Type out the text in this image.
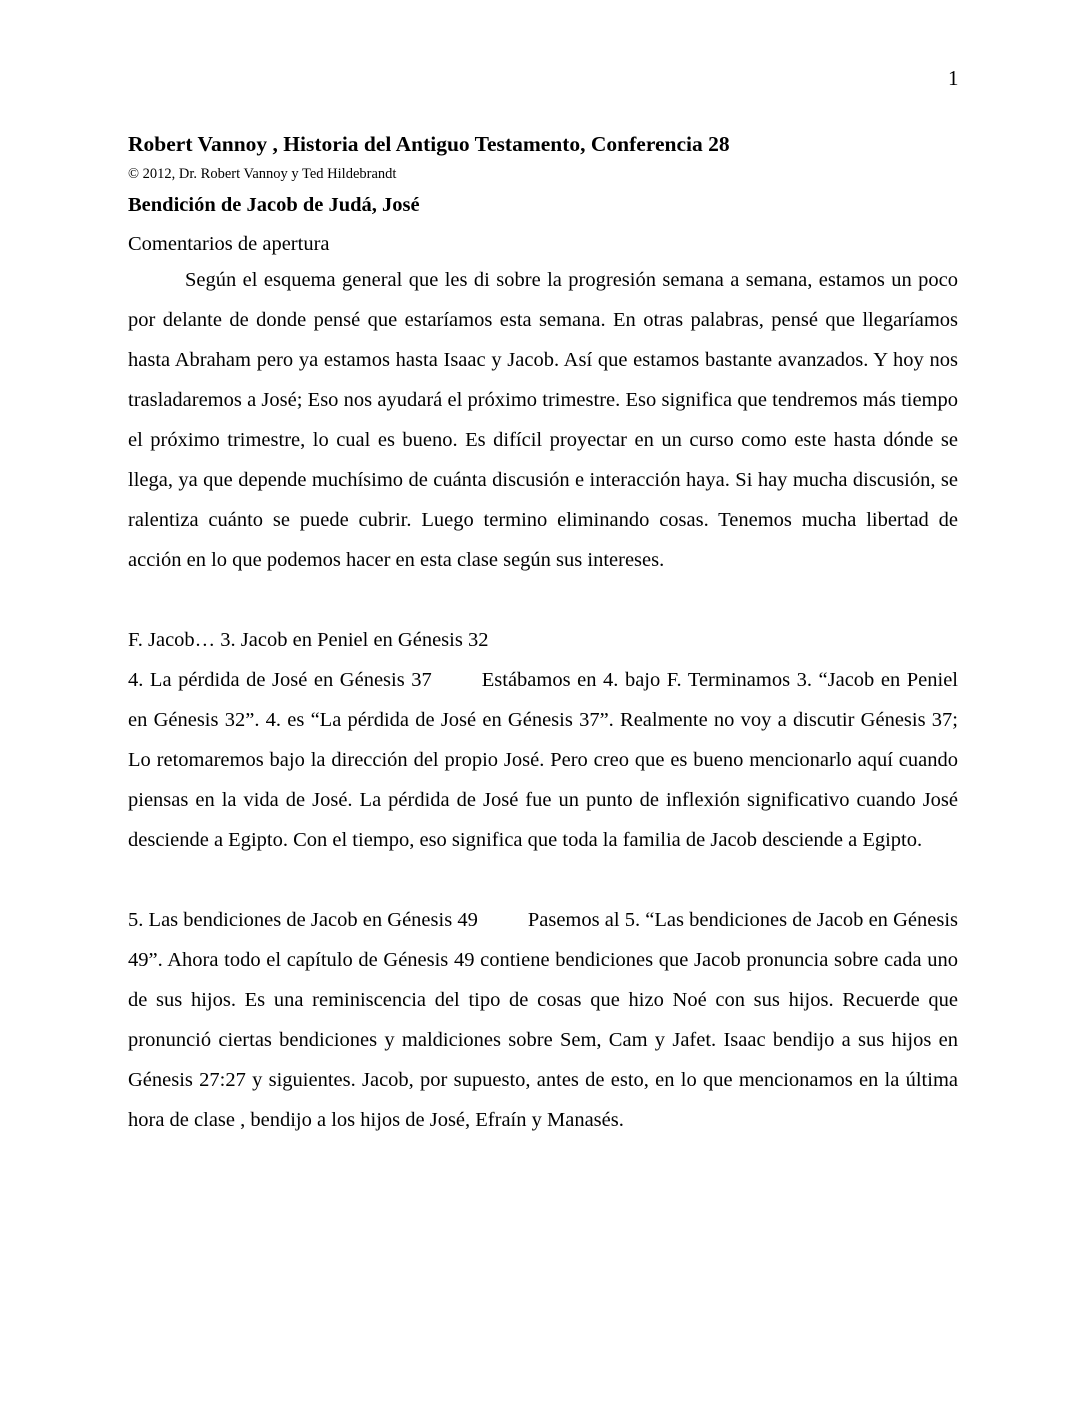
1
Robert Vannoy , Historia del Antiguo Testamento, Conferencia 28

© 2012, Dr. Robert Vannoy y Ted Hildebrandt

Bendición de Jacob de Judá, José

Comentarios de apertura

Según el esquema general que les di sobre la progresión semana a semana, estamos un poco por delante de donde pensé que estaríamos esta semana. En otras palabras, pensé que llegaríamos hasta Abraham pero ya estamos hasta Isaac y Jacob. Así que estamos bastante avanzados. Y hoy nos trasladaremos a José; Eso nos ayudará el próximo trimestre. Eso significa que tendremos más tiempo el próximo trimestre, lo cual es bueno. Es difícil proyectar en un curso como este hasta dónde se llega, ya que depende muchísimo de cuánta discusión e interacción haya. Si hay mucha discusión, se ralentiza cuánto se puede cubrir. Luego termino eliminando cosas. Tenemos mucha libertad de acción en lo que podemos hacer en esta clase según sus intereses.

F. Jacob… 3. Jacob en Peniel en Génesis 32

4. La pérdida de José en Génesis 37 Estábamos en 4. bajo F. Terminamos 3. “Jacob en Peniel en Génesis 32”. 4. es “La pérdida de José en Génesis 37”. Realmente no voy a discutir Génesis 37; Lo retomaremos bajo la dirección del propio José. Pero creo que es bueno mencionarlo aquí cuando piensas en la vida de José. La pérdida de José fue un punto de inflexión significativo cuando José desciende a Egipto. Con el tiempo, eso significa que toda la familia de Jacob desciende a Egipto.

5. Las bendiciones de Jacob en Génesis 49 Pasemos al 5. “Las bendiciones de Jacob en Génesis 49”. Ahora todo el capítulo de Génesis 49 contiene bendiciones que Jacob pronuncia sobre cada uno de sus hijos. Es una reminiscencia del tipo de cosas que hizo Noé con sus hijos. Recuerde que pronunció ciertas bendiciones y maldiciones sobre Sem, Cam y Jafet. Isaac bendijo a sus hijos en Génesis 27:27 y siguientes. Jacob, por supuesto, antes de esto, en lo que mencionamos en la última hora de clase , bendijo a los hijos de José, Efraín y Manasés.
